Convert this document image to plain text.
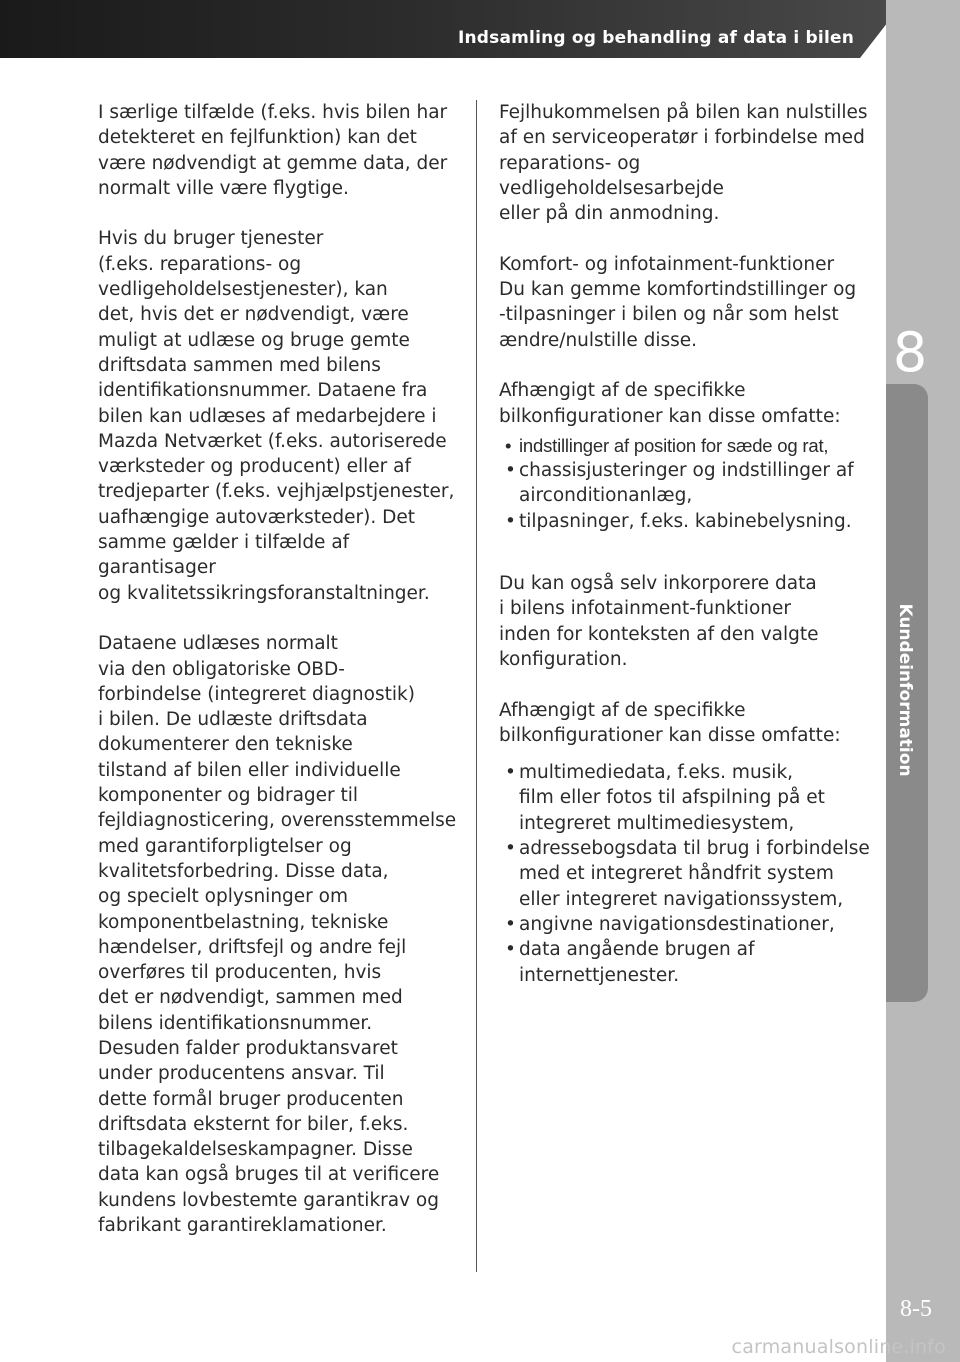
Indsamling og behandling af data i bilen
8
Kundeinformation
8-5

I særlige tilfælde (f.eks. hvis bilen har
detekteret en fejlfunktion) kan det
være nødvendigt at gemme data, der
normalt ville være flygtige.

Hvis du bruger tjenester
(f.eks. reparations- og
vedligeholdelsestjenester), kan
det, hvis det er nødvendigt, være
muligt at udlæse og bruge gemte
driftsdata sammen med bilens
identifikationsnummer. Dataene fra
bilen kan udlæses af medarbejdere i
Mazda Netværket (f.eks. autoriserede
værksteder og producent) eller af
tredjeparter (f.eks. vejhjælpstjenester,
uafhængige autoværksteder). Det
samme gælder i tilfælde af garantisager
og kvalitetssikringsforanstaltninger.

Dataene udlæses normalt
via den obligatoriske OBD-
forbindelse (integreret diagnostik)
i bilen. De udlæste driftsdata
dokumenterer den tekniske
tilstand af bilen eller individuelle
komponenter og bidrager til
fejldiagnosticering, overensstemmelse
med garantiforpligtelser og
kvalitetsforbedring. Disse data,
og specielt oplysninger om
komponentbelastning, tekniske
hændelser, driftsfejl og andre fejl
overføres til producenten, hvis
det er nødvendigt, sammen med
bilens identifikationsnummer.
Desuden falder produktansvaret
under producentens ansvar. Til
dette formål bruger producenten
driftsdata eksternt for biler, f.eks.
tilbagekaldelseskampagner. Disse
data kan også bruges til at verificere
kundens lovbestemte garantikrav og
fabrikant garantireklamationer.

Fejlhukommelsen på bilen kan nulstilles
af en serviceoperatør i forbindelse med
reparations- og vedligeholdelsesarbejde
eller på din anmodning.

Komfort- og infotainment-funktioner
Du kan gemme komfortindstillinger og
-tilpasninger i bilen og når som helst
ændre/nulstille disse.

Afhængigt af de specifikke
bilkonfigurationer kan disse omfatte:

• indstillinger af position for sæde og rat,
• chassisjusteringer og indstillinger af
airconditionanlæg,
• tilpasninger, f.eks. kabinebelysning.

Du kan også selv inkorporere data
i bilens infotainment-funktioner
inden for konteksten af den valgte
konfiguration.

Afhængigt af de specifikke
bilkonfigurationer kan disse omfatte:

• multimediedata, f.eks. musik,
film eller fotos til afspilning på et
integreret multimediesystem,
• adressebogsdata til brug i forbindelse
med et integreret håndfrit system
eller integreret navigationssystem,
• angivne navigationsdestinationer,
• data angående brugen af
internettjenester.
carmanualsonline.info
